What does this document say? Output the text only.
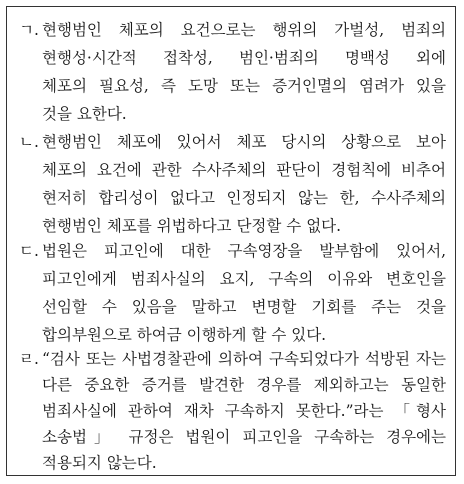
ㄱ. 현행범인 체포의 요건으로는 행위의 가벌성, 범죄의
현행성·시간적 접착성, 범인·범죄의 명백성 외에
체포의 필요성, 즉 도망 또는 증거인멸의 염려가 있을
것을 요한다.
ㄴ. 현행범인 체포에 있어서 체포 당시의 상황으로 보아
체포의 요건에 관한 수사주체의 판단이 경험칙에 비추어
현저히 합리성이 없다고 인정되지 않는 한, 수사주체의
현행범인 체포를 위법하다고 단정할 수 없다.
ㄷ. 법원은 피고인에 대한 구속영장을 발부함에 있어서,
피고인에게 범죄사실의 요지, 구속의 이유와 변호인을
선임할 수 있음을 말하고 변명할 기회를 주는 것을
합의부원으로 하여금 이행하게 할 수 있다.
ㄹ. “검사 또는 사법경찰관에 의하여 구속되었다가 석방된 자는
다른 중요한 증거를 발견한 경우를 제외하고는 동일한
범죄사실에 관하여 재차 구속하지 못한다.”라는 「형사
소송법」 규정은 법원이 피고인을 구속하는 경우에는
적용되지 않는다.
